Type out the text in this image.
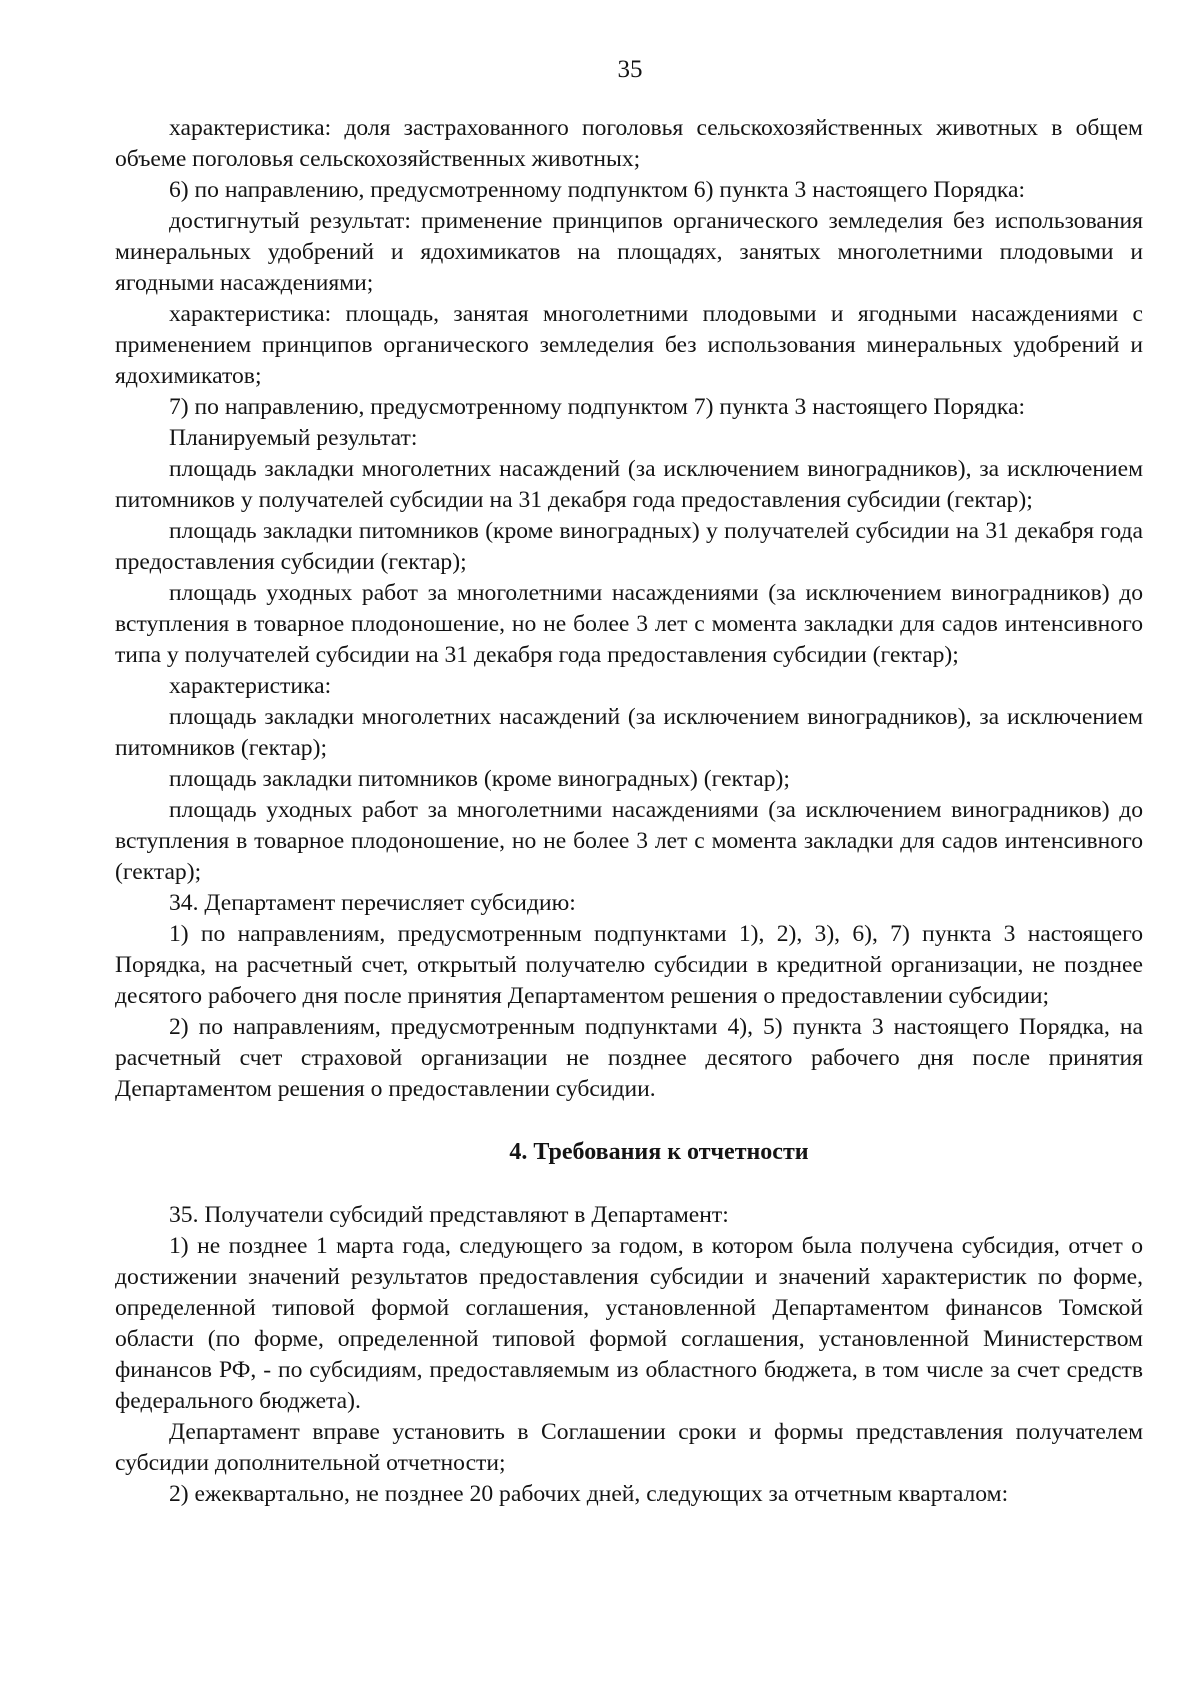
35

характеристика: доля застрахованного поголовья сельскохозяйственных животных в общем объеме поголовья сельскохозяйственных животных;

6) по направлению, предусмотренному подпунктом 6) пункта 3 настоящего Порядка:

достигнутый результат: применение принципов органического земледелия без использования минеральных удобрений и ядохимикатов на площадях, занятых многолетними плодовыми и ягодными насаждениями;

характеристика: площадь, занятая многолетними плодовыми и ягодными насаждениями с применением принципов органического земледелия без использования минеральных удобрений и ядохимикатов;

7) по направлению, предусмотренному подпунктом 7) пункта 3 настоящего Порядка:

Планируемый результат:

площадь закладки многолетних насаждений (за исключением виноградников), за исключением питомников у получателей субсидии на 31 декабря года предоставления субсидии (гектар);

площадь закладки питомников (кроме виноградных) у получателей субсидии на 31 декабря года предоставления субсидии (гектар);

площадь уходных работ за многолетними насаждениями (за исключением виноградников) до вступления в товарное плодоношение, но не более 3 лет с момента закладки для садов интенсивного типа у получателей субсидии на 31 декабря года предоставления субсидии (гектар);

характеристика:

площадь закладки многолетних насаждений (за исключением виноградников), за исключением питомников (гектар);

площадь закладки питомников (кроме виноградных) (гектар);

площадь уходных работ за многолетними насаждениями (за исключением виноградников) до вступления в товарное плодоношение, но не более 3 лет с момента закладки для садов интенсивного (гектар);

34. Департамент перечисляет субсидию:

1) по направлениям, предусмотренным подпунктами 1), 2), 3), 6), 7) пункта 3 настоящего Порядка, на расчетный счет, открытый получателю субсидии в кредитной организации, не позднее десятого рабочего дня после принятия Департаментом решения о предоставлении субсидии;

2) по направлениям, предусмотренным подпунктами 4), 5) пункта 3 настоящего Порядка, на расчетный счет страховой организации не позднее десятого рабочего дня после принятия Департаментом решения о предоставлении субсидии.

4. Требования к отчетности

35. Получатели субсидий представляют в Департамент:

1) не позднее 1 марта года, следующего за годом, в котором была получена субсидия, отчет о достижении значений результатов предоставления субсидии и значений характеристик по форме, определенной типовой формой соглашения, установленной Департаментом финансов Томской области (по форме, определенной типовой формой соглашения, установленной Министерством финансов РФ, - по субсидиям, предоставляемым из областного бюджета, в том числе за счет средств федерального бюджета).

Департамент вправе установить в Соглашении сроки и формы представления получателем субсидии дополнительной отчетности;

2) ежеквартально, не позднее 20 рабочих дней, следующих за отчетным кварталом:
